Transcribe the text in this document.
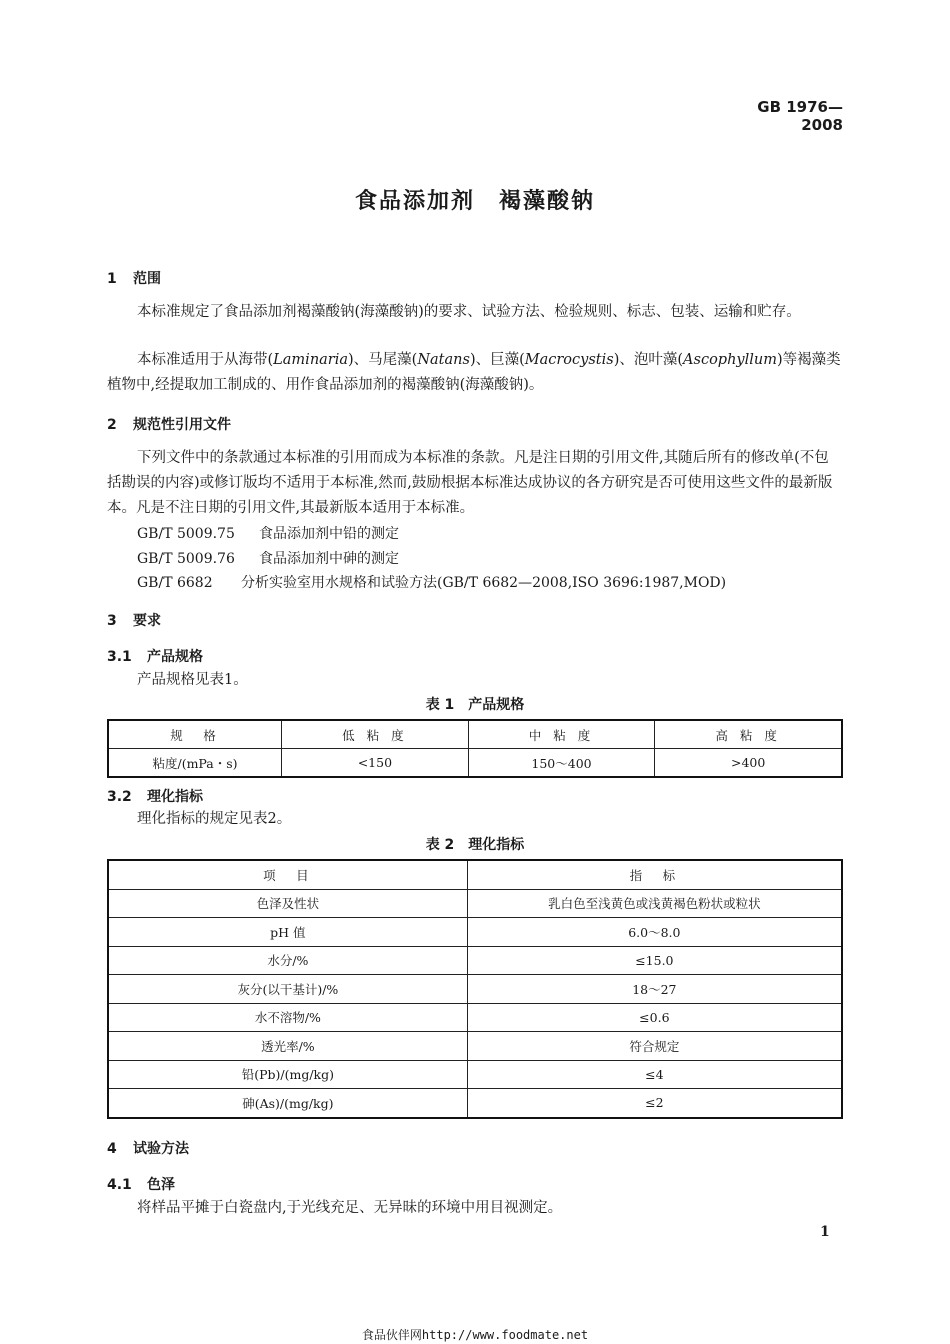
GB 1976—2008
食品添加剂　褐藻酸钠
1 范围
本标准规定了食品添加剂褐藻酸钠(海藻酸钠)的要求、试验方法、检验规则、标志、包装、运输和贮存。
本标准适用于从海带(Laminaria)、马尾藻(Natans)、巨藻(Macrocystis)、泡叶藻(Ascophyllum)等褐藻类植物中,经提取加工制成的、用作食品添加剂的褐藻酸钠(海藻酸钠)。
2 规范性引用文件
下列文件中的条款通过本标准的引用而成为本标准的条款。凡是注日期的引用文件,其随后所有的修改单(不包括勘误的内容)或修订版均不适用于本标准,然而,鼓励根据本标准达成协议的各方研究是否可使用这些文件的最新版本。凡是不注日期的引用文件,其最新版本适用于本标准。
GB/T 5009.75 食品添加剂中铅的测定
GB/T 5009.76 食品添加剂中砷的测定
GB/T 6682 分析实验室用水规格和试验方法(GB/T 6682—2008,ISO 3696:1987,MOD)
3 要求
3.1 产品规格
产品规格见表1。
表 1　产品规格
规　格	低 粘 度	中 粘 度	高 粘 度
粘度/(mPa・s)	<150	150～400	>400
3.2 理化指标
理化指标的规定见表2。
表 2　理化指标
项　目	指　标
色泽及性状	乳白色至浅黄色或浅黄褐色粉状或粒状
pH 值	6.0～8.0
水分/%	≤15.0
灰分(以干基计)/%	18～27
水不溶物/%	≤0.6
透光率/%	符合规定
铅(Pb)/(mg/kg)	≤4
砷(As)/(mg/kg)	≤2
4 试验方法
4.1 色泽
将样品平摊于白瓷盘内,于光线充足、无异昧的环境中用目视测定。
1
食品伙伴网http://www.foodmate.net
